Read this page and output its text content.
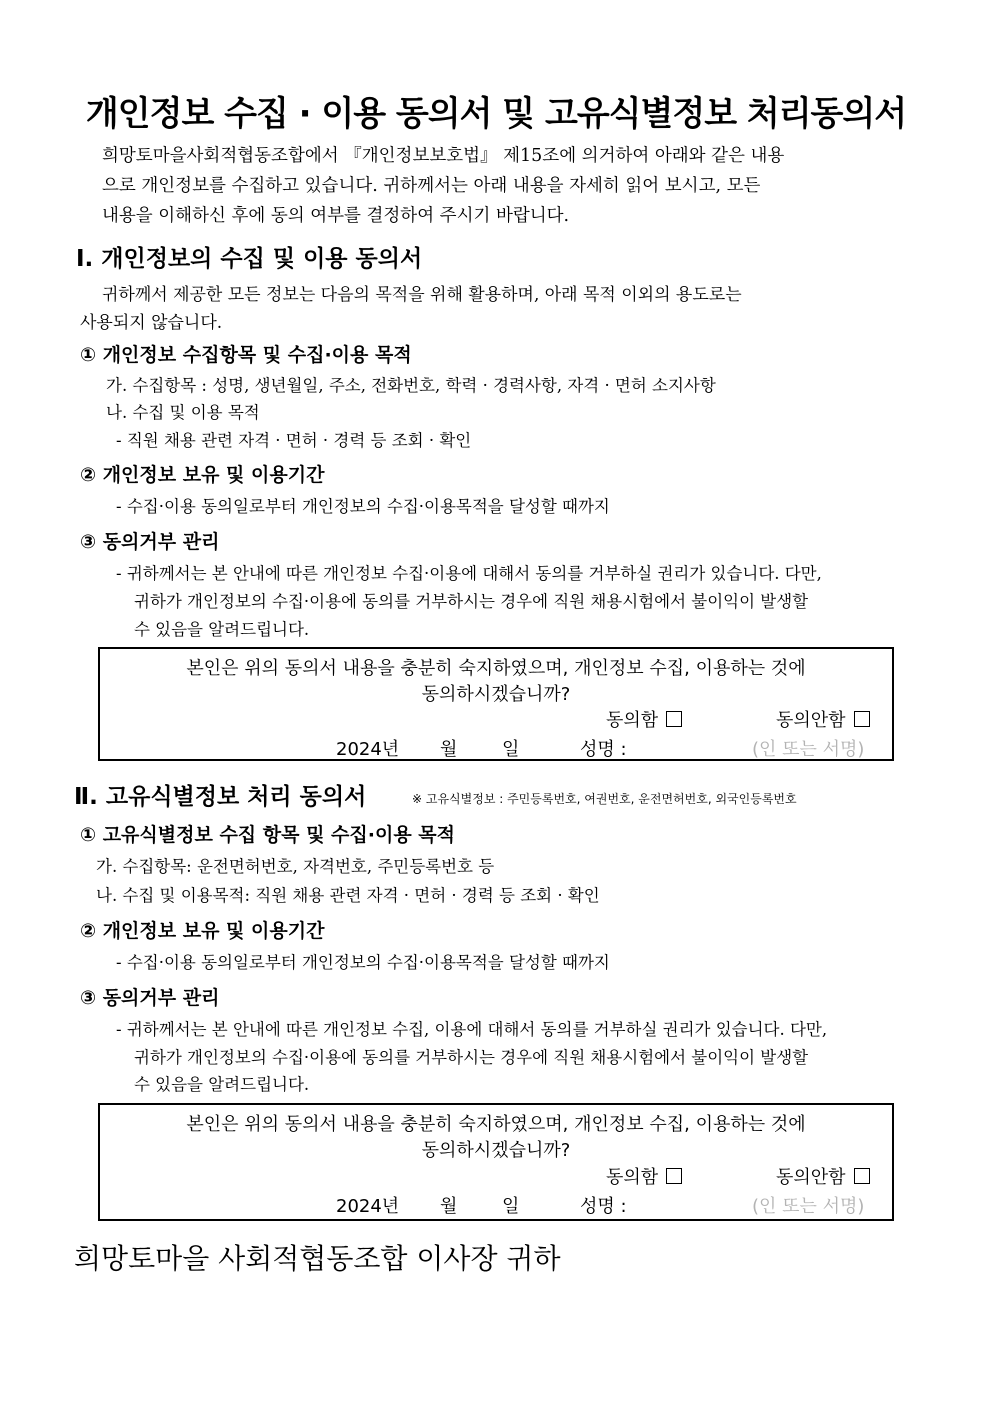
개인정보 수집 · 이용 동의서 및 고유식별정보 처리동의서
희망토마을사회적협동조합에서 『개인정보보호법』 제15조에 의거하여 아래와 같은 내용
으로 개인정보를 수집하고 있습니다. 귀하께서는 아래 내용을 자세히 읽어 보시고, 모든
내용을 이해하신 후에 동의 여부를 결정하여 주시기 바랍니다.
Ⅰ. 개인정보의 수집 및 이용 동의서
귀하께서 제공한 모든 정보는 다음의 목적을 위해 활용하며, 아래 목적 이외의 용도로는
사용되지 않습니다.
① 개인정보 수집항목 및 수집·이용 목적
가. 수집항목 : 성명, 생년월일, 주소, 전화번호, 학력 · 경력사항, 자격 · 면허 소지사항
나. 수집 및 이용 목적
- 직원 채용 관련 자격 · 면허 · 경력 등 조회 · 확인
② 개인정보 보유 및 이용기간
- 수집·이용 동의일로부터 개인정보의 수집·이용목적을 달성할 때까지
③ 동의거부 관리
- 귀하께서는 본 안내에 따른 개인정보 수집·이용에 대해서 동의를 거부하실 권리가 있습니다. 다만,
귀하가 개인정보의 수집·이용에 동의를 거부하시는 경우에 직원 채용시험에서 불이익이 발생할
수 있음을 알려드립니다.
본인은 위의 동의서 내용을 충분히 숙지하였으며, 개인정보 수집, 이용하는 것에
동의하시겠습니까?
동의함	동의안함
2024년 월 일	성명 :	(인 또는 서명)
Ⅱ. 고유식별정보 처리 동의서	※ 고유식별정보 : 주민등록번호, 여권번호, 운전면허번호, 외국인등록번호
① 고유식별정보 수집 항목 및 수집·이용 목적
가. 수집항목: 운전면허번호, 자격번호, 주민등록번호 등
나. 수집 및 이용목적: 직원 채용 관련 자격 · 면허 · 경력 등 조회 · 확인
② 개인정보 보유 및 이용기간
- 수집·이용 동의일로부터 개인정보의 수집·이용목적을 달성할 때까지
③ 동의거부 관리
- 귀하께서는 본 안내에 따른 개인정보 수집, 이용에 대해서 동의를 거부하실 권리가 있습니다. 다만,
귀하가 개인정보의 수집·이용에 동의를 거부하시는 경우에 직원 채용시험에서 불이익이 발생할
수 있음을 알려드립니다.
본인은 위의 동의서 내용을 충분히 숙지하였으며, 개인정보 수집, 이용하는 것에
동의하시겠습니까?
동의함	동의안함
2024년 월 일	성명 :	(인 또는 서명)
희망토마을 사회적협동조합 이사장 귀하
